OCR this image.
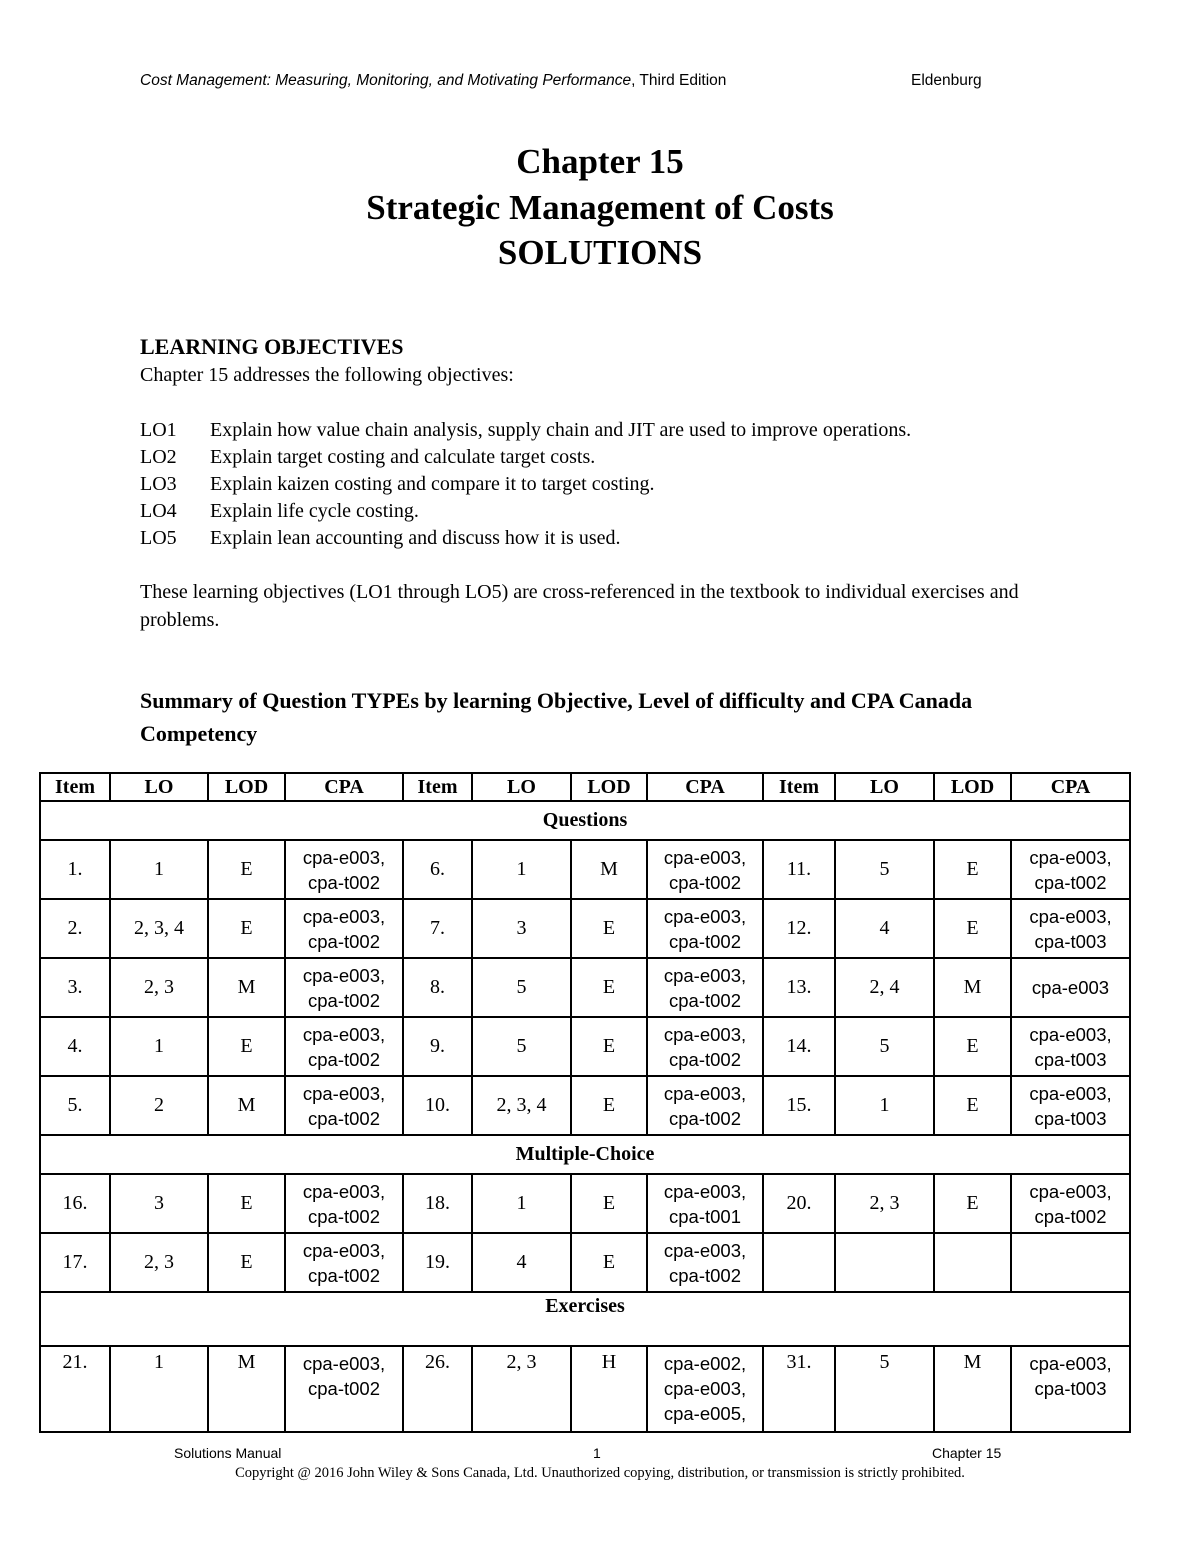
Cost Management: Measuring, Monitoring, and Motivating Performance, Third Edition	Eldenburg
Chapter 15
Strategic Management of Costs
SOLUTIONS
LEARNING OBJECTIVES
Chapter 15 addresses the following objectives:
LO1 Explain how value chain analysis, supply chain and JIT are used to improve operations.
LO2 Explain target costing and calculate target costs.
LO3 Explain kaizen costing and compare it to target costing.
LO4 Explain life cycle costing.
LO5 Explain lean accounting and discuss how it is used.
These learning objectives (LO1 through LO5) are cross-referenced in the textbook to individual exercises and problems.
Summary of Question TYPEs by learning Objective, Level of difficulty and CPA Canada Competency
Item	LO	LOD	CPA	Item	LO	LOD	CPA	Item	LO	LOD	CPA
Questions											
1.	1	E	cpa-e003,
cpa-t002	6.	1	M	cpa-e003,
cpa-t002	11.	5	E	cpa-e003,
cpa-t002

2.	2, 3, 4	E	cpa-e003,
cpa-t002	7.	3	E	cpa-e003,
cpa-t002	12.	4	E	cpa-e003,
cpa-t003

3.	2, 3	M	cpa-e003,
cpa-t002	8.	5	E	cpa-e003,
cpa-t002	13.	2, 4	M	cpa-e003

4.	1	E	cpa-e003,
cpa-t002	9.	5	E	cpa-e003,
cpa-t002	14.	5	E	cpa-e003,
cpa-t003

5.	2	M	cpa-e003,
cpa-t002	10.	2, 3, 4	E	cpa-e003,
cpa-t002	15.	1	E	cpa-e003,
cpa-t003

Multiple-Choice											
16.	3	E	cpa-e003,
cpa-t002	18.	1	E	cpa-e003,
cpa-t001	20.	2, 3	E	cpa-e003,
cpa-t002

17.	2, 3	E	cpa-e003,
cpa-t002	19.	4	E	cpa-e003,
cpa-t002				

Exercises											
21.	1	M	cpa-e003,
cpa-t002	26.	2, 3	H	cpa-e002,
cpa-e003,
cpa-e005,	31.	5	M	cpa-e003,
cpa-t003
Solutions Manual	1	Chapter 15
Copyright @ 2016 John Wiley & Sons Canada, Ltd. Unauthorized copying, distribution, or transmission is strictly prohibited.
